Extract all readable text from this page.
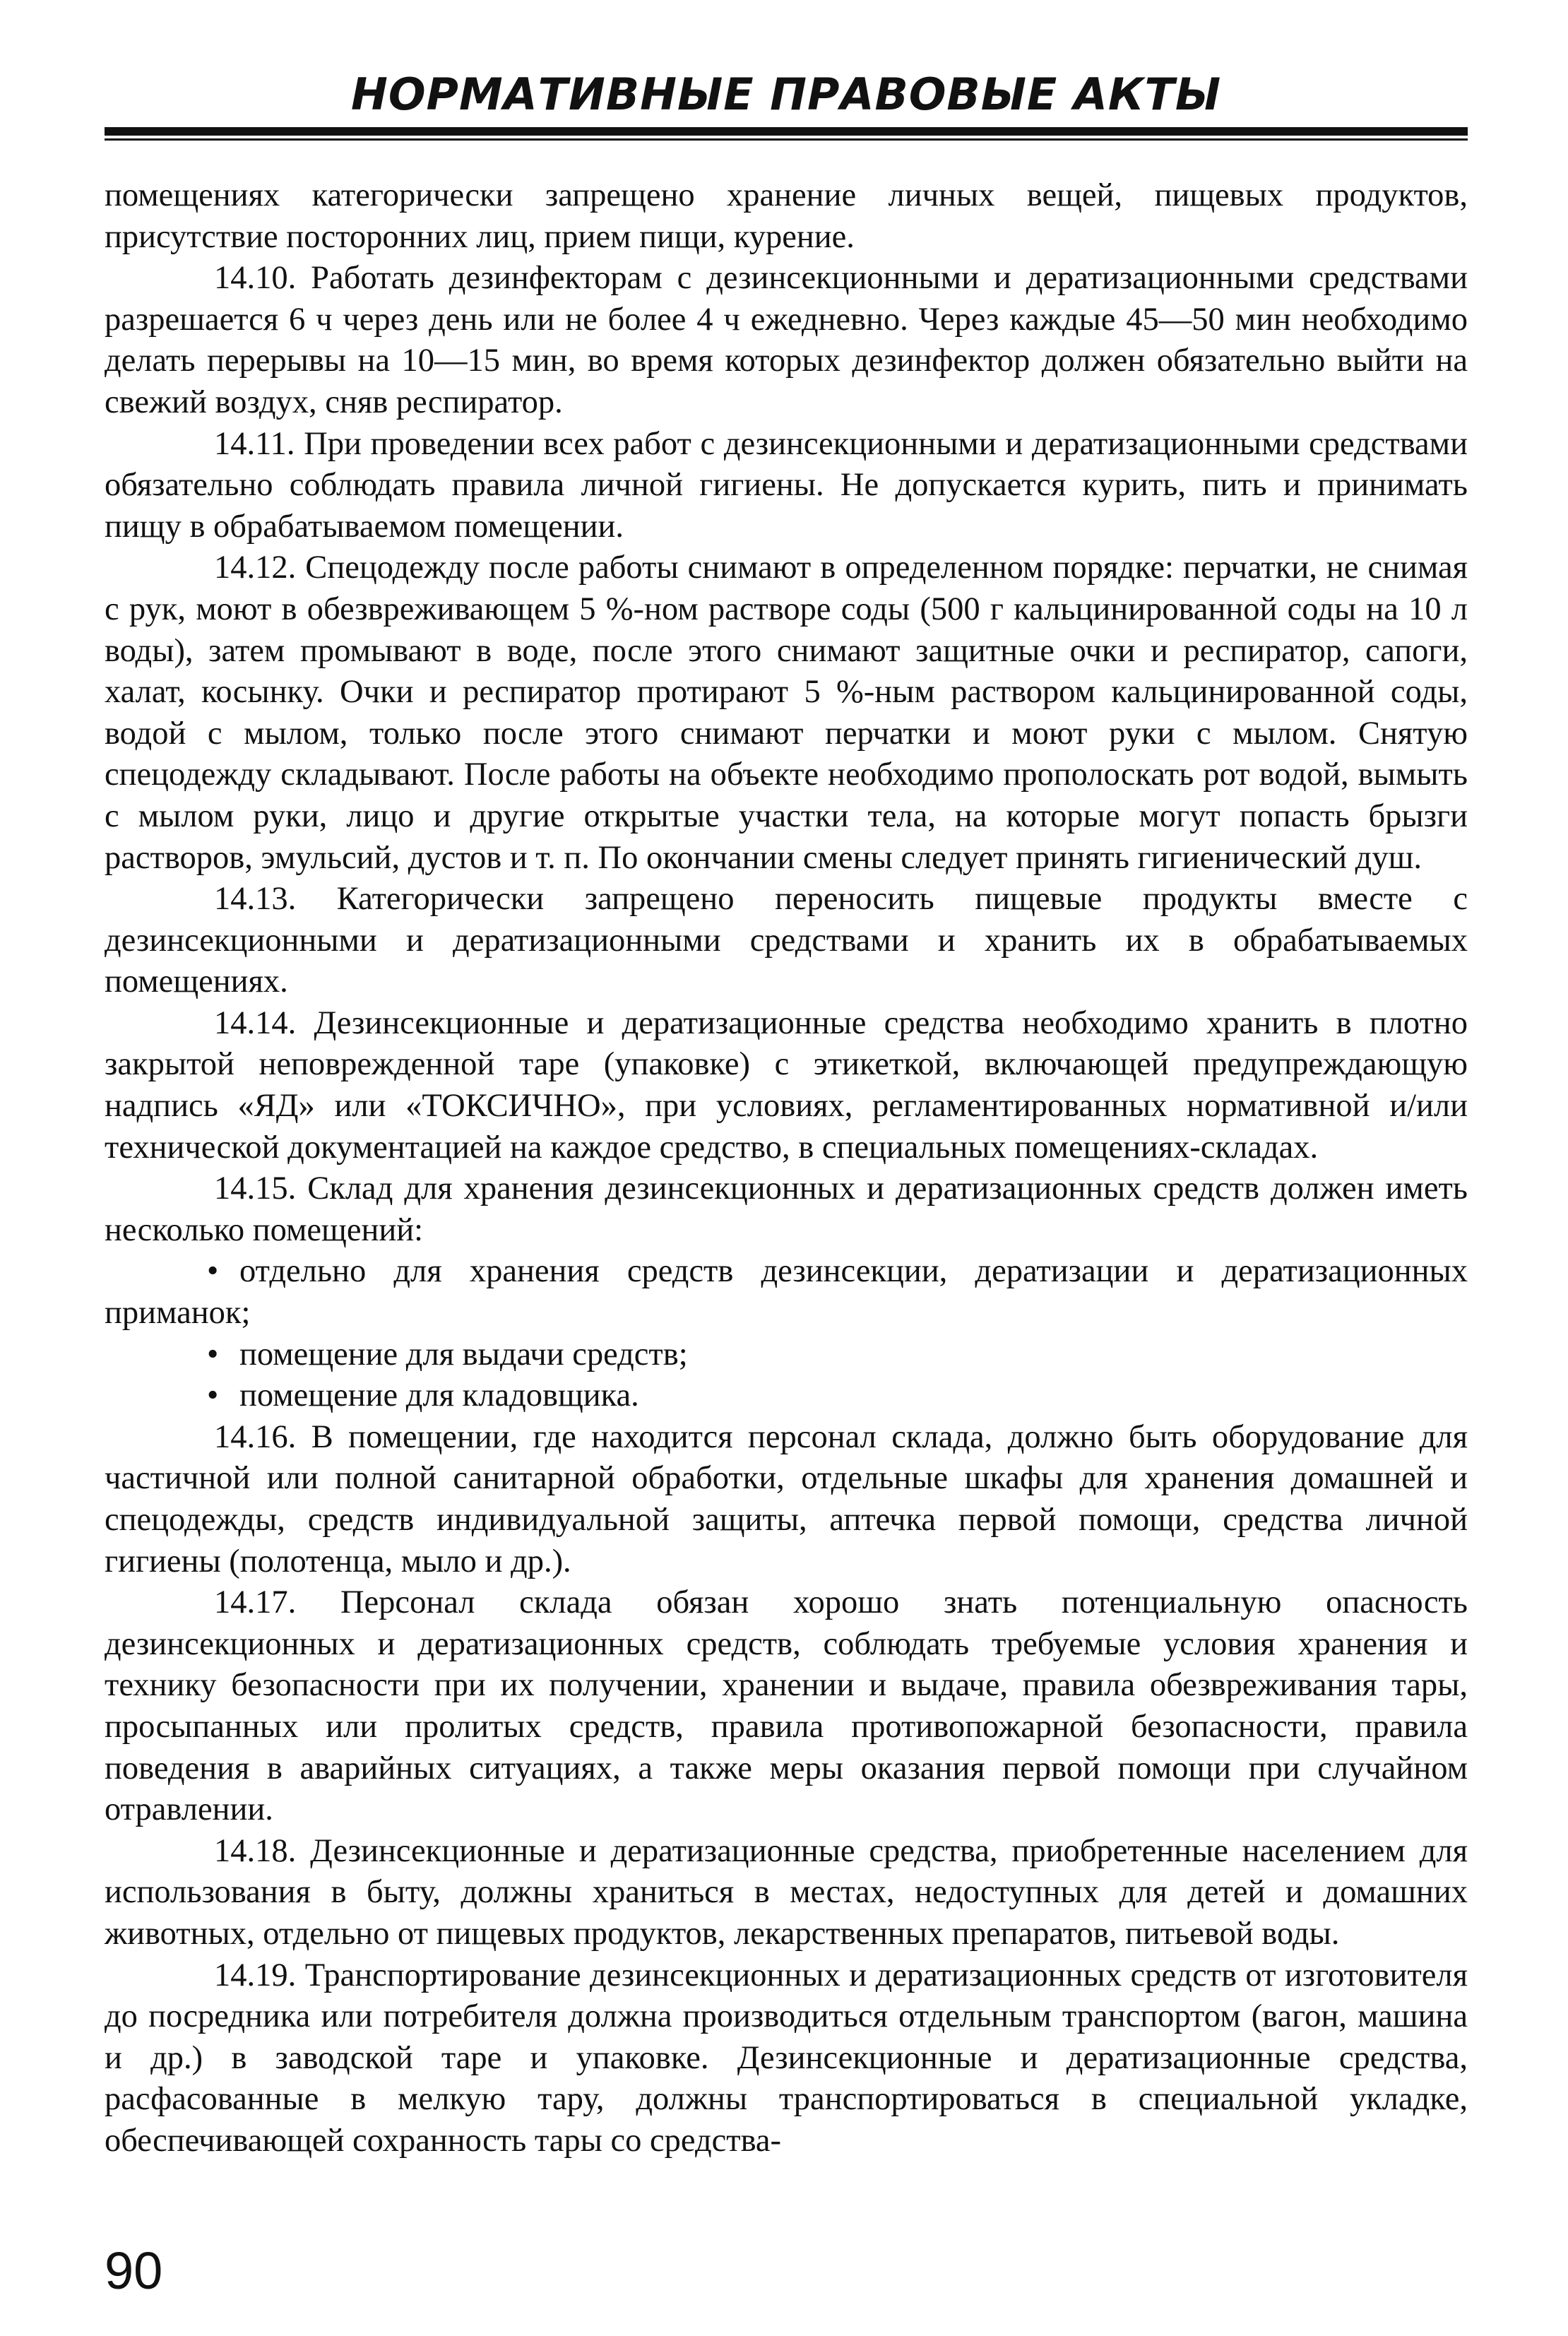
НОРМАТИВНЫЕ ПРАВОВЫЕ АКТЫ

помещениях категорически запрещено хранение личных вещей, пищевых продуктов, присутствие посторонних лиц, прием пищи, курение.

14.10. Работать дезинфекторам с дезинсекционными и дератизационными средствами разрешается 6 ч через день или не более 4 ч ежедневно. Через каждые 45—50 мин необходимо делать перерывы на 10—15 мин, во время которых дезинфектор должен обязательно выйти на свежий воздух, сняв респиратор.

14.11. При проведении всех работ с дезинсекционными и дератизационными средствами обязательно соблюдать правила личной гигиены. Не допускается курить, пить и принимать пищу в обрабатываемом помещении.

14.12. Спецодежду после работы снимают в определенном порядке: перчатки, не снимая с рук, моют в обезвреживающем 5 %-ном растворе соды (500 г кальцинированной соды на 10 л воды), затем промывают в воде, после этого снимают защитные очки и респиратор, сапоги, халат, косынку. Очки и респиратор протирают 5 %-ным раствором кальцинированной соды, водой с мылом, только после этого снимают перчатки и моют руки с мылом. Снятую спецодежду складывают. После работы на объекте необходимо прополоскать рот водой, вымыть с мылом руки, лицо и другие открытые участки тела, на которые могут попасть брызги растворов, эмульсий, дустов и т. п. По окончании смены следует принять гигиенический душ.

14.13. Категорически запрещено переносить пищевые продукты вместе с дезинсекционными и дератизационными средствами и хранить их в обрабатываемых помещениях.

14.14. Дезинсекционные и дератизационные средства необходимо хранить в плотно закрытой неповрежденной таре (упаковке) с этикеткой, включающей предупреждающую надпись «ЯД» или «ТОКСИЧНО», при условиях, регламентированных нормативной и/или технической документацией на каждое средство, в специальных помещениях-складах.

14.15. Склад для хранения дезинсекционных и дератизационных средств должен иметь несколько помещений:

• отдельно для хранения средств дезинсекции, дератизации и дератизационных приманок;
• помещение для выдачи средств;
• помещение для кладовщика.

14.16. В помещении, где находится персонал склада, должно быть оборудование для частичной или полной санитарной обработки, отдельные шкафы для хранения домашней и спецодежды, средств индивидуальной защиты, аптечка первой помощи, средства личной гигиены (полотенца, мыло и др.).

14.17. Персонал склада обязан хорошо знать потенциальную опасность дезинсекционных и дератизационных средств, соблюдать требуемые условия хранения и технику безопасности при их получении, хранении и выдаче, правила обезвреживания тары, просыпанных или пролитых средств, правила противопожарной безопасности, правила поведения в аварийных ситуациях, а также меры оказания первой помощи при случайном отравлении.

14.18. Дезинсекционные и дератизационные средства, приобретенные населением для использования в быту, должны храниться в местах, недоступных для детей и домашних животных, отдельно от пищевых продуктов, лекарственных препаратов, питьевой воды.

14.19. Транспортирование дезинсекционных и дератизационных средств от изготовителя до посредника или потребителя должна производиться отдельным транспортом (вагон, машина и др.) в заводской таре и упаковке. Дезинсекционные и дератизационные средства, расфасованные в мелкую тару, должны транспортироваться в специальной укладке, обеспечивающей сохранность тары со средства-

90
